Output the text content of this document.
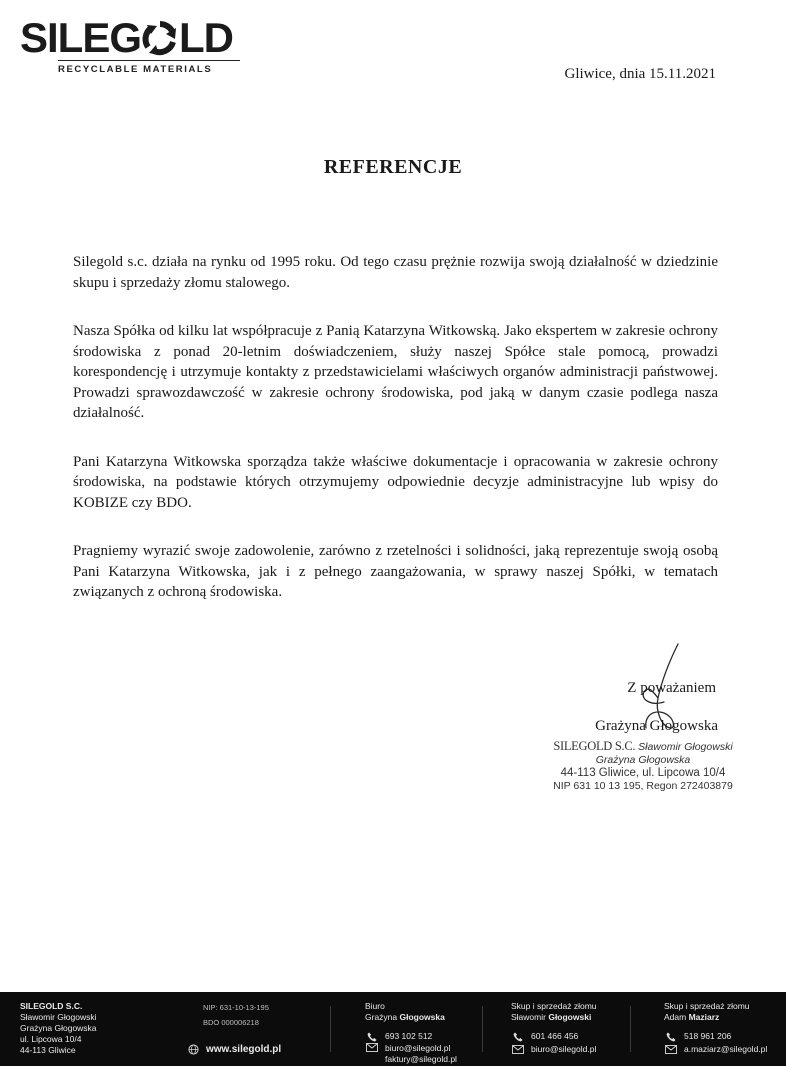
SILEG LD
RECYCLABLE MATERIALS	Gliwice, dnia 15.11.2021
REFERENCJE

Silegold s.c. działa na rynku od 1995 roku. Od tego czasu prężnie rozwija swoją działalność w dziedzinie skupu i sprzedaży złomu stalowego.

Nasza Spółka od kilku lat współpracuje z Panią Katarzyna Witkowską. Jako ekspertem w zakresie ochrony środowiska z ponad 20-letnim doświadczeniem, służy naszej Spółce stale pomocą, prowadzi korespondencję i utrzymuje kontakty z przedstawicielami właściwych organów administracji państwowej. Prowadzi sprawozdawczość w zakresie ochrony środowiska, pod jaką w danym czasie podlega nasza działalność.

Pani Katarzyna Witkowska sporządza także właściwe dokumentacje i opracowania w zakresie ochrony środowiska, na podstawie których otrzymujemy odpowiednie decyzje administracyjne lub wpisy do KOBIZE czy BDO.

Pragniemy wyrazić swoje zadowolenie, zarówno z rzetelności i solidności, jaką reprezentuje swoją osobą Pani Katarzyna Witkowska, jak i z pełnego zaangażowania, w sprawy naszej Spółki, w tematach związanych z ochroną środowiska.

Z poważaniem
Grażyna Głogowska
SILEGOLD S.C. Sławomir Głogowski
Grażyna Głogowska
44-113 Gliwice, ul. Lipcowa 10/4
NIP 631 10 13 195, Regon 272403879
SILEGOLD S.C.
Sławomir Głogowski
Grażyna Głogowska
ul. Lipcowa 10/4
44-113 Gliwice
NIP: 631-10-13-195
BDO 000006218
www.silegold.pl
Biuro
Grażyna Głogowska
693 102 512
biuro@silegold.pl
faktury@silegold.pl
Skup i sprzedaż złomu
Sławomir Głogowski
601 466 456
biuro@silegold.pl
Skup i sprzedaż złomu
Adam Maziarz
518 961 206
a.maziarz@silegold.pl
